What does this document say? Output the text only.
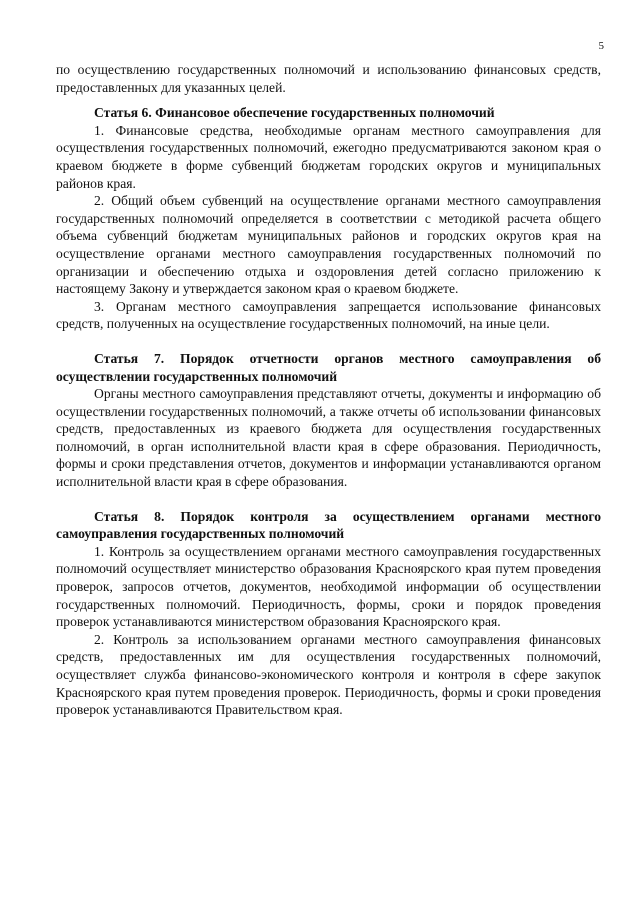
5

по осуществлению государственных полномочий и использованию финансовых средств, предоставленных для указанных целей.

Статья 6. Финансовое обеспечение государственных полномочий

1. Финансовые средства, необходимые органам местного самоуправления для осуществления государственных полномочий, ежегодно предусматриваются законом края о краевом бюджете в форме субвенций бюджетам городских округов и муниципальных районов края.

2. Общий объем субвенций на осуществление органами местного самоуправления государственных полномочий определяется в соответствии с методикой расчета общего объема субвенций бюджетам муниципальных районов и городских округов края на осуществление органами местного самоуправления государственных полномочий по организации и обеспечению отдыха и оздоровления детей согласно приложению к настоящему Закону и утверждается законом края о краевом бюджете.

3. Органам местного самоуправления запрещается использование финансовых средств, полученных на осуществление государственных полномочий, на иные цели.

Статья 7. Порядок отчетности органов местного самоуправления об осуществлении государственных полномочий

Органы местного самоуправления представляют отчеты, документы и информацию об осуществлении государственных полномочий, а также отчеты об использовании финансовых средств, предоставленных из краевого бюджета для осуществления государственных полномочий, в орган исполнительной власти края в сфере образования. Периодичность, формы и сроки представления отчетов, документов и информации устанавливаются органом исполнительной власти края в сфере образования.

Статья 8. Порядок контроля за осуществлением органами местного самоуправления государственных полномочий

1. Контроль за осуществлением органами местного самоуправления государственных полномочий осуществляет министерство образования Красноярского края путем проведения проверок, запросов отчетов, документов, необходимой информации об осуществлении государственных полномочий. Периодичность, формы, сроки и порядок проведения проверок устанавливаются министерством образования Красноярского края.

2. Контроль за использованием органами местного самоуправления финансовых средств, предоставленных им для осуществления государственных полномочий, осуществляет служба финансово-экономического контроля и контроля в сфере закупок Красноярского края путем проведения проверок. Периодичность, формы и сроки проведения проверок устанавливаются Правительством края.
